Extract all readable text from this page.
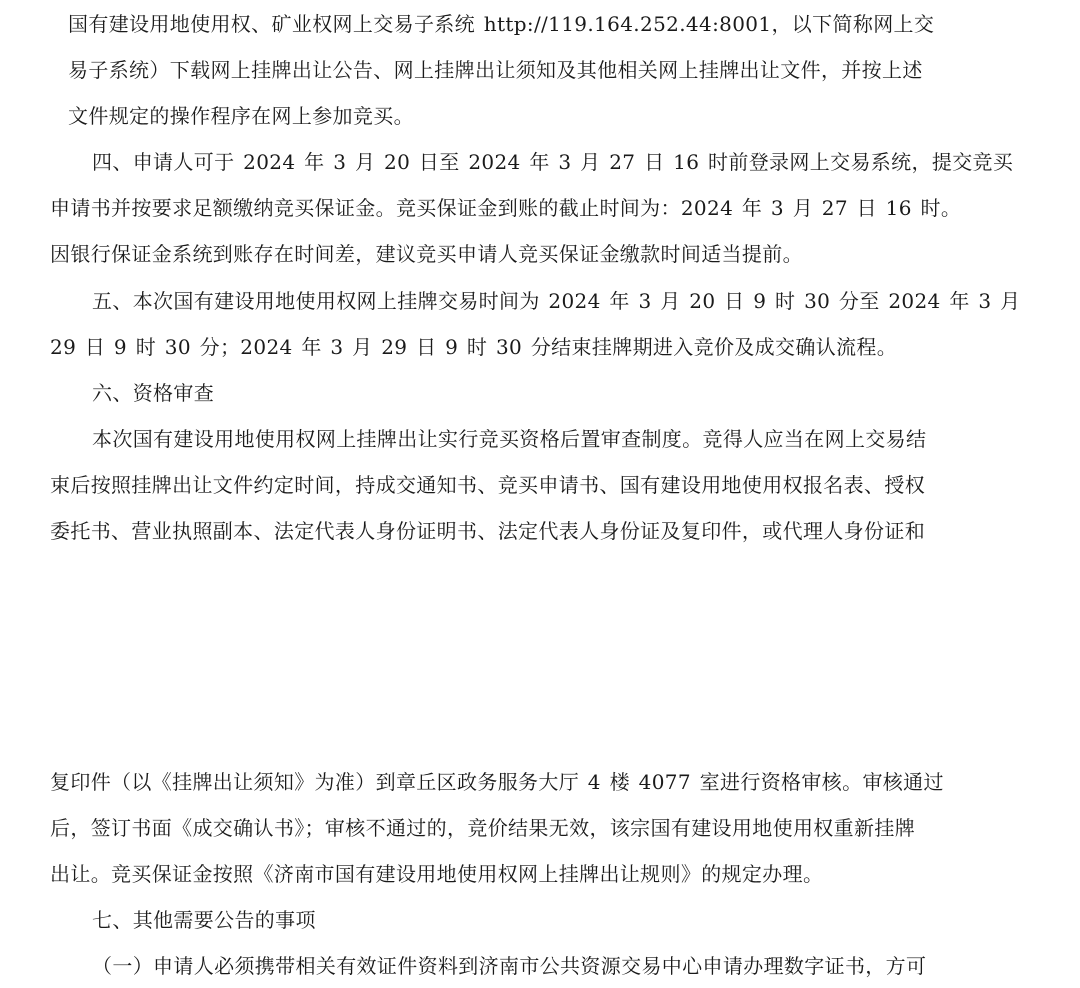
国有建设用地使用权、矿业权网上交易子系统 http://119.164.252.44:8001，以下简称网上交
易子系统）下载网上挂牌出让公告、网上挂牌出让须知及其他相关网上挂牌出让文件，并按上述
文件规定的操作程序在网上参加竞买。
四、申请人可于 2024 年 3 月 20 日至 2024 年 3 月 27 日 16 时前登录网上交易系统，提交竞买
申请书并按要求足额缴纳竞买保证金。竞买保证金到账的截止时间为：2024 年 3 月 27 日 16 时。
因银行保证金系统到账存在时间差，建议竞买申请人竞买保证金缴款时间适当提前。
五、本次国有建设用地使用权网上挂牌交易时间为 2024 年 3 月 20 日 9 时 30 分至 2024 年 3 月
29 日 9 时 30 分；2024 年 3 月 29 日 9 时 30 分结束挂牌期进入竞价及成交确认流程。
六、资格审查
本次国有建设用地使用权网上挂牌出让实行竞买资格后置审查制度。竞得人应当在网上交易结
束后按照挂牌出让文件约定时间，持成交通知书、竞买申请书、国有建设用地使用权报名表、授权
委托书、营业执照副本、法定代表人身份证明书、法定代表人身份证及复印件，或代理人身份证和
复印件（以《挂牌出让须知》为准）到章丘区政务服务大厅 4 楼 4077 室进行资格审核。审核通过
后，签订书面《成交确认书》；审核不通过的，竞价结果无效，该宗国有建设用地使用权重新挂牌
出让。竞买保证金按照《济南市国有建设用地使用权网上挂牌出让规则》的规定办理。
七、其他需要公告的事项
（一）申请人必须携带相关有效证件资料到济南市公共资源交易中心申请办理数字证书，方可
